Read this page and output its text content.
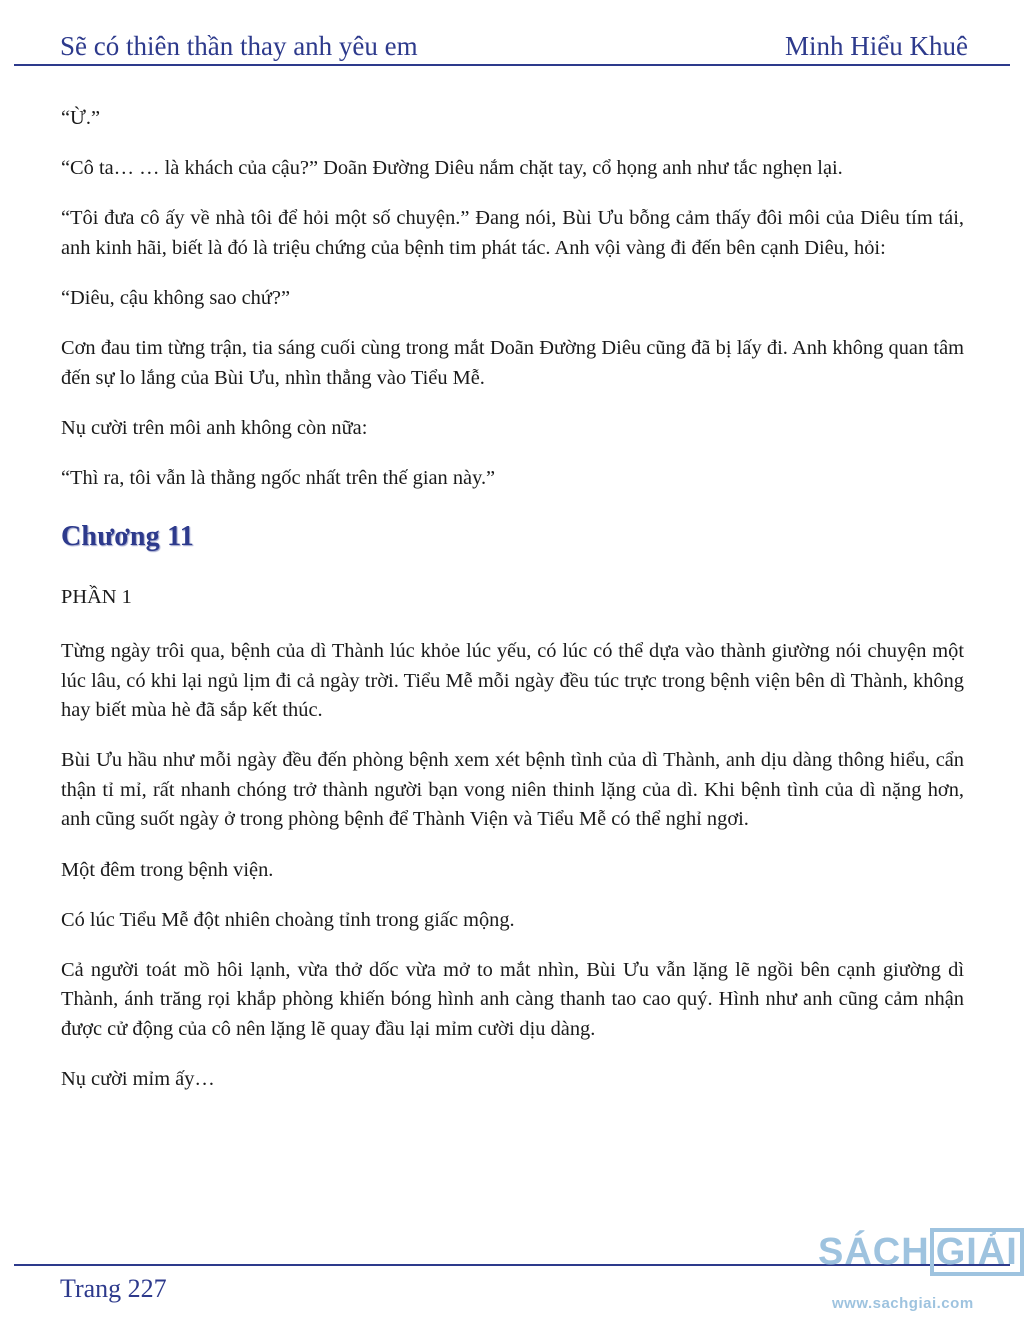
Sẽ có thiên thần thay anh yêu em	Minh Hiểu Khuê

“Ừ.”

“Cô ta… … là khách của cậu?” Doãn Đường Diêu nắm chặt tay, cổ họng anh như tắc nghẹn lại.

“Tôi đưa cô ấy về nhà tôi để hỏi một số chuyện.” Đang nói, Bùi Ưu bỗng cảm thấy đôi môi của Diêu tím tái, anh kinh hãi, biết là đó là triệu chứng của bệnh tim phát tác. Anh vội vàng đi đến bên cạnh Diêu, hỏi:

“Diêu, cậu không sao chứ?”

Cơn đau tim từng trận, tia sáng cuối cùng trong mắt Doãn Đường Diêu cũng đã bị lấy đi. Anh không quan tâm đến sự lo lắng của Bùi Ưu, nhìn thẳng vào Tiểu Mễ.

Nụ cười trên môi anh không còn nữa:

“Thì ra, tôi vẫn là thằng ngốc nhất trên thế gian này.”

Chương 11

PHẦN 1

Từng ngày trôi qua, bệnh của dì Thành lúc khỏe lúc yếu, có lúc có thể dựa vào thành giường nói chuyện một lúc lâu, có khi lại ngủ lịm đi cả ngày trời. Tiểu Mễ mỗi ngày đều túc trực trong bệnh viện bên dì Thành, không hay biết mùa hè đã sắp kết thúc.

Bùi Ưu hầu như mỗi ngày đều đến phòng bệnh xem xét bệnh tình của dì Thành, anh dịu dàng thông hiểu, cẩn thận tỉ mỉ, rất nhanh chóng trở thành người bạn vong niên thinh lặng của dì. Khi bệnh tình của dì nặng hơn, anh cũng suốt ngày ở trong phòng bệnh để Thành Viện và Tiểu Mễ có thể nghỉ ngơi.

Một đêm trong bệnh viện.

Có lúc Tiểu Mễ đột nhiên choàng tỉnh trong giấc mộng.

Cả người toát mồ hôi lạnh, vừa thở dốc vừa mở to mắt nhìn, Bùi Ưu vẫn lặng lẽ ngồi bên cạnh giường dì Thành, ánh trăng rọi khắp phòng khiến bóng hình anh càng thanh tao cao quý. Hình như anh cũng cảm nhận được cử động của cô nên lặng lẽ quay đầu lại mỉm cười dịu dàng.

Nụ cười mỉm ấy…

Trang 227
SÁCH GIẢI
www.sachgiai.com
